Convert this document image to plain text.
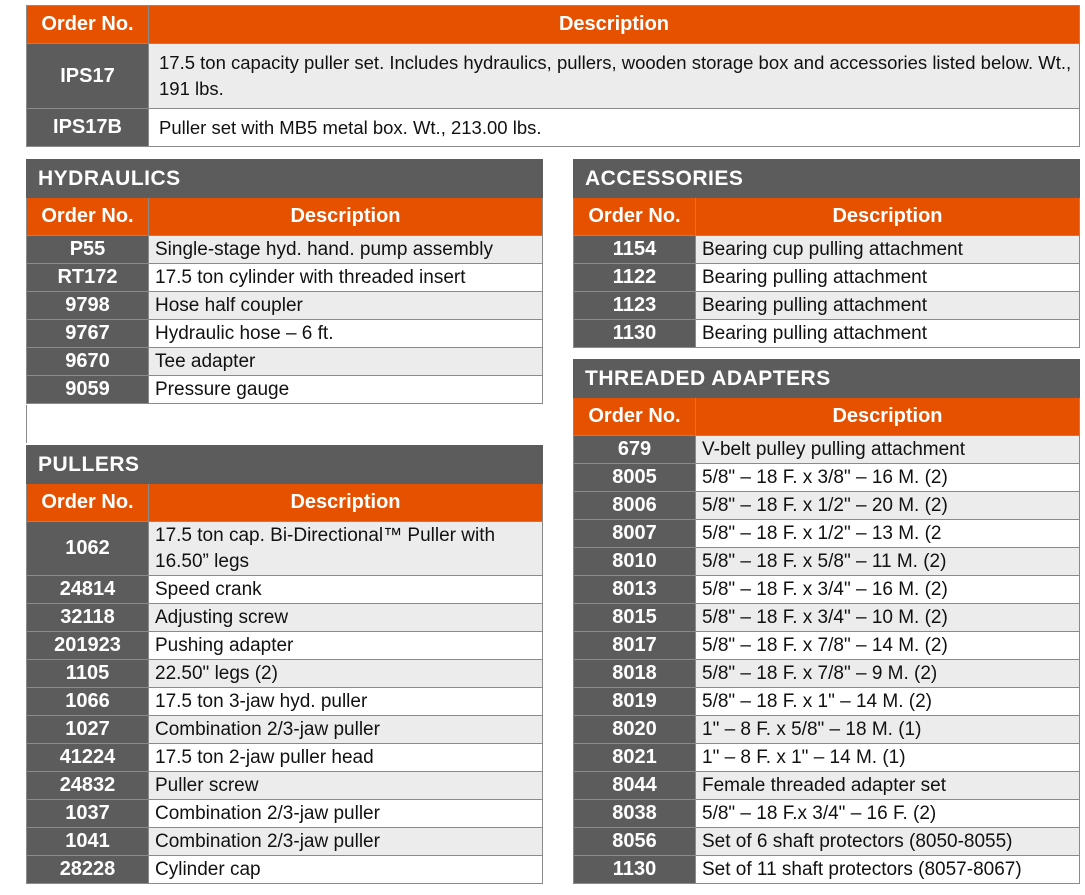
Order No.	Description
IPS17	17.5 ton capacity puller set. Includes hydraulics, pullers, wooden storage box and accessories listed below. Wt., 191 lbs.
IPS17B	Puller set with MB5 metal box. Wt., 213.00 lbs.
HYDRAULICS	
Order No.	Description
P55	Single-stage hyd. hand. pump assembly
RT172	17.5 ton cylinder with threaded insert
9798	Hose half coupler
9767	Hydraulic hose – 6 ft.
9670	Tee adapter
9059	Pressure gauge
PULLERS	
Order No.	Description
1062	17.5 ton cap. Bi-Directional™ Puller with 16.50” legs
24814	Speed crank
32118	Adjusting screw
201923	Pushing adapter
1105	22.50" legs (2)
1066	17.5 ton 3-jaw hyd. puller
1027	Combination 2/3-jaw puller
41224	17.5 ton 2-jaw puller head
24832	Puller screw
1037	Combination 2/3-jaw puller
1041	Combination 2/3-jaw puller
28228	Cylinder cap
ACCESSORIES	
Order No.	Description
1154	Bearing cup pulling attachment
1122	Bearing pulling attachment
1123	Bearing pulling attachment
1130	Bearing pulling attachment
THREADED ADAPTERS	
Order No.	Description
679	V-belt pulley pulling attachment
8005	5/8" – 18 F. x 3/8" – 16 M. (2)
8006	5/8" – 18 F. x 1/2" – 20 M. (2)
8007	5/8" – 18 F. x 1/2" – 13 M. (2
8010	5/8" – 18 F. x 5/8" – 11 M. (2)
8013	5/8" – 18 F. x 3/4" – 16 M. (2)
8015	5/8" – 18 F. x 3/4" – 10 M. (2)
8017	5/8" – 18 F. x 7/8" – 14 M. (2)
8018	5/8" – 18 F. x 7/8" – 9 M. (2)
8019	5/8" – 18 F. x 1" – 14 M. (2)
8020	1" – 8 F. x 5/8" – 18 M. (1)
8021	1" – 8 F. x 1" – 14 M. (1)
8044	Female threaded adapter set
8038	5/8" – 18 F.x 3/4" – 16 F. (2)
8056	Set of 6 shaft protectors (8050-8055)
1130	Set of 11 shaft protectors (8057-8067)
